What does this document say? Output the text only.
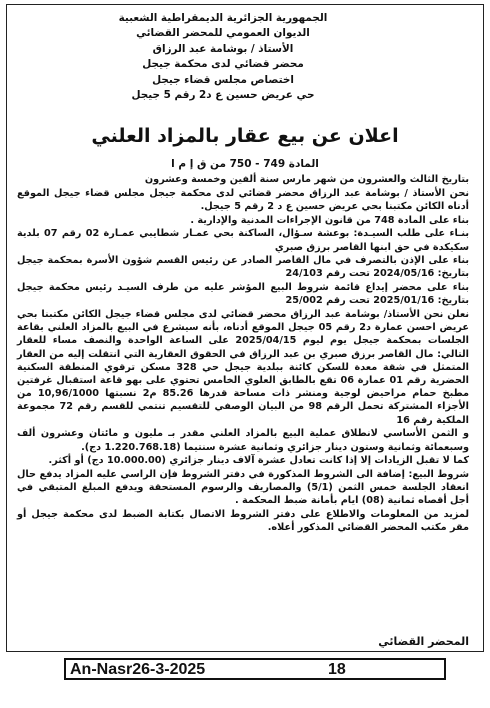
الجمهورية الجزائرية الديمقراطية الشعبية
الديوان العمومي للمحضر القضائي
الأستاذ / بوشامة عبد الرزاق
محضر قضائي لدى محكمة جيجل
اختصاص مجلس قضاء جيجل
حي عريض حسين ع د2 رقم 5 جيجل
اعلان عن بيع عقار بالمزاد العلني
المادة 749 - 750 من ق إ م ا

بتاريخ الثالث والعشرون من شهر مارس سنة ألفين وخمسة وعشرون

نحن الأستاذ / بوشامة عبد الرزاق محضر قضائي لدى محكمة جيجل مجلس قضاء جيجل الموقع أدناه الكائن مكتبنا بحي عريض حسين ع د 2 رقم 5 جيجل.

بناء على المادة 748 من قانون الإجراءات المدنية والإدارية .

بنـاء على طلب السيـدة: بوعشة سـؤال، الساكنة بحي عمـار شطايبي عمـارة 02 رقم 07 بلدية سكيكدة في حق ابنها القاصر برزق صبري

بناء على الإذن بالتصرف في مال القاصر الصادر عن رئيس القسم شؤون الأسرة بمحكمة جيجل بتاريخ: 2024/05/16 تحت رقم 24/103

بناء على محضر إيداع قائمة شروط البيع المؤشر عليه من طرف السيـد رئيس محكمة جيجل بتاريخ: 2025/01/16 تحت رقم 25/002

نعلن نحن الأستاذ/ بوشامة عبد الرزاق محضر قضائي لدى مجلس قضاء جيجل الكائن مكتبنا بحي عريض احسن عمارة د2 رقم 05 جيجل الموقع أدناه، بأنه سيشرع في البيع بالمزاد العلني بقاعة الجلسات بمحكمة جيجل يوم ليوم 2025/04/15 على الساعة الواحدة والنصف مساء للعقار التالي: مال القاصر برزق صبري بن عبد الرزاق في الحقوق العقارية التي انتقلت إليه من العقار المتمثل في شقة معدة للسكن كائنة ببلدية جيجل حي 328 مسكن ترقوي المنطقة السكنية الحضرية رقم 01 عمارة 06 تقع بالطابق العلوي الخامس تحتوي على بهو قاعة استقبال غرفتين مطبخ حمام مراحيض لوجية ومنشر ذات مساحة قدرها 85.26 م2 نسبتها 10,96/1000 من الأجزاء المشتركة تحمل الرقم 98 من البيان الوصفي للتقسيم تنتمي للقسم رقم 72 مجموعة الملكية رقم 16

و الثمن الأساسي لانطلاق عملية البيع بالمزاد العلني مقدر بـ مليون و مائتان وعشرون ألف وسبعمائة وثمانية وستون دينار جزائري وثمانية عشرة سنتيما (1.220.768.18 دج).

كما لا تقبل الزيادات إلا إذا كانت تعادل عشرة آلاف دينار جزائري (10.000.00 دج) أو أكثر.

شروط البيع: إضافة الى الشروط المذكورة في دفتر الشروط فإن الراسي عليه المزاد يدفع حال انعقاد الجلسة خمس الثمن (5/1) والمصاريف والرسوم المستحقة ويدفع المبلغ المتبقي في أجل أقصاه ثمانية (08) ايام بأمانة ضبط المحكمة .

لمزيد من المعلومات والاطلاع على دفتر الشروط الاتصال بكتابة الضبط لدى محكمة جيجل أو مقر مكتب المحضر القضائي المذكور أعلاه.

المحضر القضائي
An-Nasr26-3-2025	18
